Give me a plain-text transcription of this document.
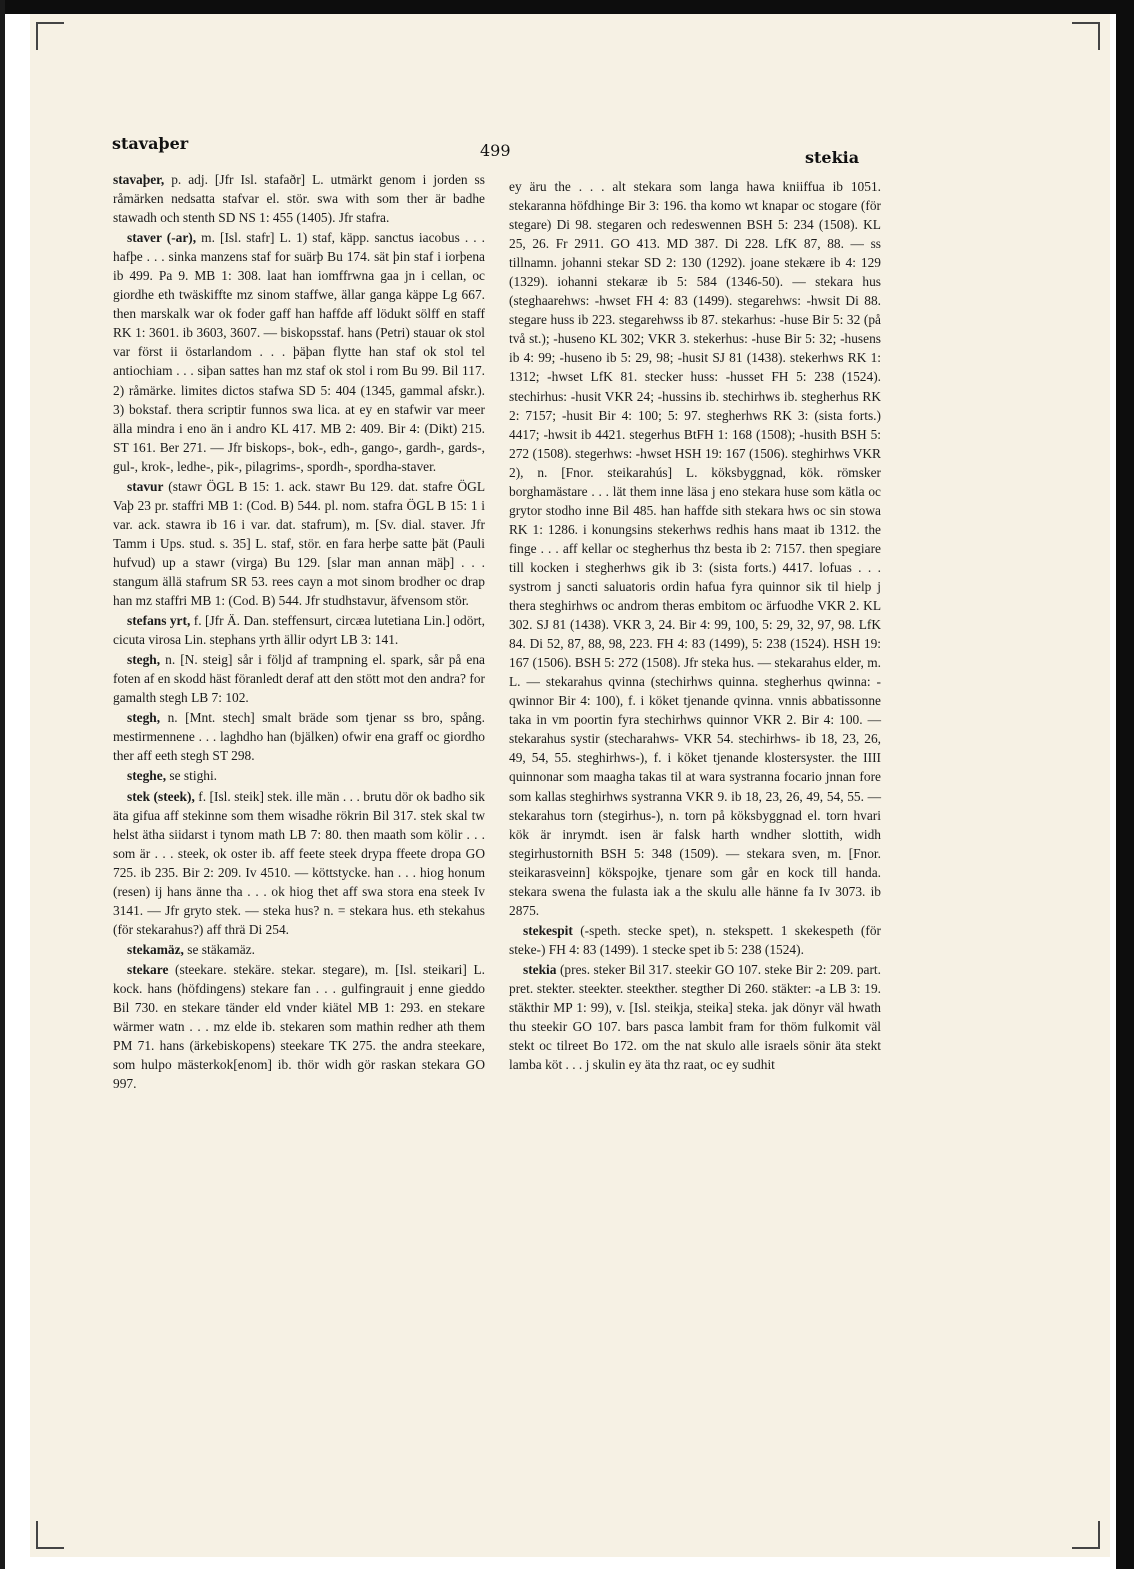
stavaþer	499	stekia

stavaþer, p. adj. [Jfr Isl. stafaðr] L. utmärkt genom i jorden ss råmärken nedsatta stafvar el. stör. swa with som ther är badhe stawadh och stenth SD NS 1: 455 (1405). Jfr stafra.

staver (-ar), m. [Isl. stafr] L. 1) staf, käpp. sanctus iacobus . . . hafþe . . . sinka manzens staf for suärþ Bu 174. sät þin staf i iorþena ib 499. Pa 9. MB 1: 308. laat han iomffrwna gaa jn i cellan, oc giordhe eth twäskiffte mz sinom staffwe, ällar ganga käppe Lg 667. then marskalk war ok foder gaff han haffde aff lödukt sölff en staff RK 1: 3601. ib 3603, 3607. — biskopsstaf. hans (Petri) stauar ok stol var först ii östarlandom . . . þäþan flytte han staf ok stol tel antiochiam . . . siþan sattes han mz staf ok stol i rom Bu 99. Bil 117. 2) råmärke. limites dictos stafwa SD 5: 404 (1345, gammal afskr.). 3) bokstaf. thera scriptir funnos swa lica. at ey en stafwir var meer älla mindra i eno än i andro KL 417. MB 2: 409. Bir 4: (Dikt) 215. ST 161. Ber 271. — Jfr biskops-, bok-, edh-, gango-, gardh-, gards-, gul-, krok-, ledhe-, pik-, pilagrims-, spordh-, spordha-staver.

stavur (stawr ÖGL B 15: 1. ack. stawr Bu 129. dat. stafre ÖGL Vaþ 23 pr. staffri MB 1: (Cod. B) 544. pl. nom. stafra ÖGL B 15: 1 i var. ack. stawra ib 16 i var. dat. stafrum), m. [Sv. dial. staver. Jfr Tamm i Ups. stud. s. 35] L. staf, stör. en fara herþe satte þät (Pauli hufvud) up a stawr (virga) Bu 129. [slar man annan mäþ] . . . stangum ällä stafrum SR 53. rees cayn a mot sinom brodher oc drap han mz staffri MB 1: (Cod. B) 544. Jfr studhstavur, äfvensom stör.

stefans yrt, f. [Jfr Ä. Dan. steffensurt, circæa lutetiana Lin.] odört, cicuta virosa Lin. stephans yrth ällir odyrt LB 3: 141.

stegh, n. [N. steig] sår i följd af trampning el. spark, sår på ena foten af en skodd häst föranledt deraf att den stött mot den andra? for gamalth stegh LB 7: 102.

stegh, n. [Mnt. stech] smalt bräde som tjenar ss bro, spång. mestirmennene . . . laghdho han (bjälken) ofwir ena graff oc giordho ther aff eeth stegh ST 298.

steghe, se stighi.

stek (steek), f. [Isl. steik] stek. ille män . . . brutu dör ok badho sik äta gifua aff stekinne som them wisadhe rökrin Bil 317. stek skal tw helst ätha siidarst i tynom math LB 7: 80. then maath som kölir . . . som är . . . steek, ok oster ib. aff feete steek drypa ffeete dropa GO 725. ib 235. Bir 2: 209. Iv 4510. — köttstycke. han . . . hiog honum (resen) ij hans änne tha . . . ok hiog thet aff swa stora ena steek Iv 3141. — Jfr gryto stek. — steka hus? n. = stekara hus. eth stekahus (för stekarahus?) aff thrä Di 254.

stekamäz, se stäkamäz.

stekare (steekare. stekäre. stekar. stegare), m. [Isl. steikari] L. kock. hans (höfdingens) stekare fan . . . gulfingrauit j enne gieddo Bil 730. en stekare tänder eld vnder kiätel MB 1: 293. en stekare wärmer watn . . . mz elde ib. stekaren som mathin redher ath them PM 71. hans (ärkebiskopens) steekare TK 275. the andra steekare, som hulpo mästerkok[enom] ib. thör widh gör raskan stekara GO 997.

ey äru the . . . alt stekara som langa hawa kniiffua ib 1051. stekaranna höfdhinge Bir 3: 196. tha komo wt knapar oc stogare (för stegare) Di 98. stegaren och redeswennen BSH 5: 234 (1508). KL 25, 26. Fr 2911. GO 413. MD 387. Di 228. LfK 87, 88. — ss tillnamn. johanni stekar SD 2: 130 (1292). joane stekære ib 4: 129 (1329). iohanni stekaræ ib 5: 584 (1346-50). — stekara hus (steghaarehws: -hwset FH 4: 83 (1499). stegarehws: -hwsit Di 88. stegare huss ib 223. stegarehwss ib 87. stekarhus: -huse Bir 5: 32 (på två st.); -huseno KL 302; VKR 3. stekerhus: -huse Bir 5: 32; -husens ib 4: 99; -huseno ib 5: 29, 98; -husit SJ 81 (1438). stekerhws RK 1: 1312; -hwset LfK 81. stecker huss: -husset FH 5: 238 (1524). stechirhus: -husit VKR 24; -hussins ib. stechirhws ib. stegherhus RK 2: 7157; -husit Bir 4: 100; 5: 97. stegherhws RK 3: (sista forts.) 4417; -hwsit ib 4421. stegerhus BtFH 1: 168 (1508); -husith BSH 5: 272 (1508). stegerhws: -hwset HSH 19: 167 (1506). steghirhws VKR 2), n. [Fnor. steikarahús] L. köksbyggnad, kök. römsker borghamästare . . . lät them inne läsa j eno stekara huse som kätla oc grytor stodho inne Bil 485. han haffde sith stekara hws oc sin stowa RK 1: 1286. i konungsins stekerhws redhis hans maat ib 1312. the finge . . . aff kellar oc stegherhus thz besta ib 2: 7157. then spegiare till kocken i stegherhws gik ib 3: (sista forts.) 4417. lofuas . . . systrom j sancti saluatoris ordin hafua fyra quinnor sik til hielp j thera steghirhws oc androm theras embitom oc ärfuodhe VKR 2. KL 302. SJ 81 (1438). VKR 3, 24. Bir 4: 99, 100, 5: 29, 32, 97, 98. LfK 84. Di 52, 87, 88, 98, 223. FH 4: 83 (1499), 5: 238 (1524). HSH 19: 167 (1506). BSH 5: 272 (1508). Jfr steka hus. — stekarahus elder, m. L. — stekarahus qvinna (stechirhws quinna. stegherhus qwinna: -qwinnor Bir 4: 100), f. i köket tjenande qvinna. vnnis abbatissonne taka in vm poortin fyra stechirhws quinnor VKR 2. Bir 4: 100. — stekarahus systir (stecharahws- VKR 54. stechirhws- ib 18, 23, 26, 49, 54, 55. steghirhws-), f. i köket tjenande klostersyster. the IIII quinnonar som maagha takas til at wara systranna focario jnnan fore som kallas steghirhws systranna VKR 9. ib 18, 23, 26, 49, 54, 55. — stekarahus torn (stegirhus-), n. torn på köksbyggnad el. torn hvari kök är inrymdt. isen är falsk harth wndher slottith, widh stegirhustornith BSH 5: 348 (1509). — stekara sven, m. [Fnor. steikarasveinn] kökspojke, tjenare som går en kock till handa. stekara swena the fulasta iak a the skulu alle hänne fa Iv 3073. ib 2875.

stekespit (-speth. stecke spet), n. stekspett. 1 skekespeth (för steke-) FH 4: 83 (1499). 1 stecke spet ib 5: 238 (1524).

stekia (pres. steker Bil 317. steekir GO 107. steke Bir 2: 209. part. pret. stekter. steekter. steekther. stegther Di 260. stäkter: -a LB 3: 19. stäkthir MP 1: 99), v. [Isl. steikja, steika] steka. jak dönyr väl hwath thu steekir GO 107. bars pasca lambit fram for thöm fulkomit väl stekt oc tilreet Bo 172. om the nat skulo alle israels sönir äta stekt lamba köt . . . j skulin ey äta thz raat, oc ey sudhit
